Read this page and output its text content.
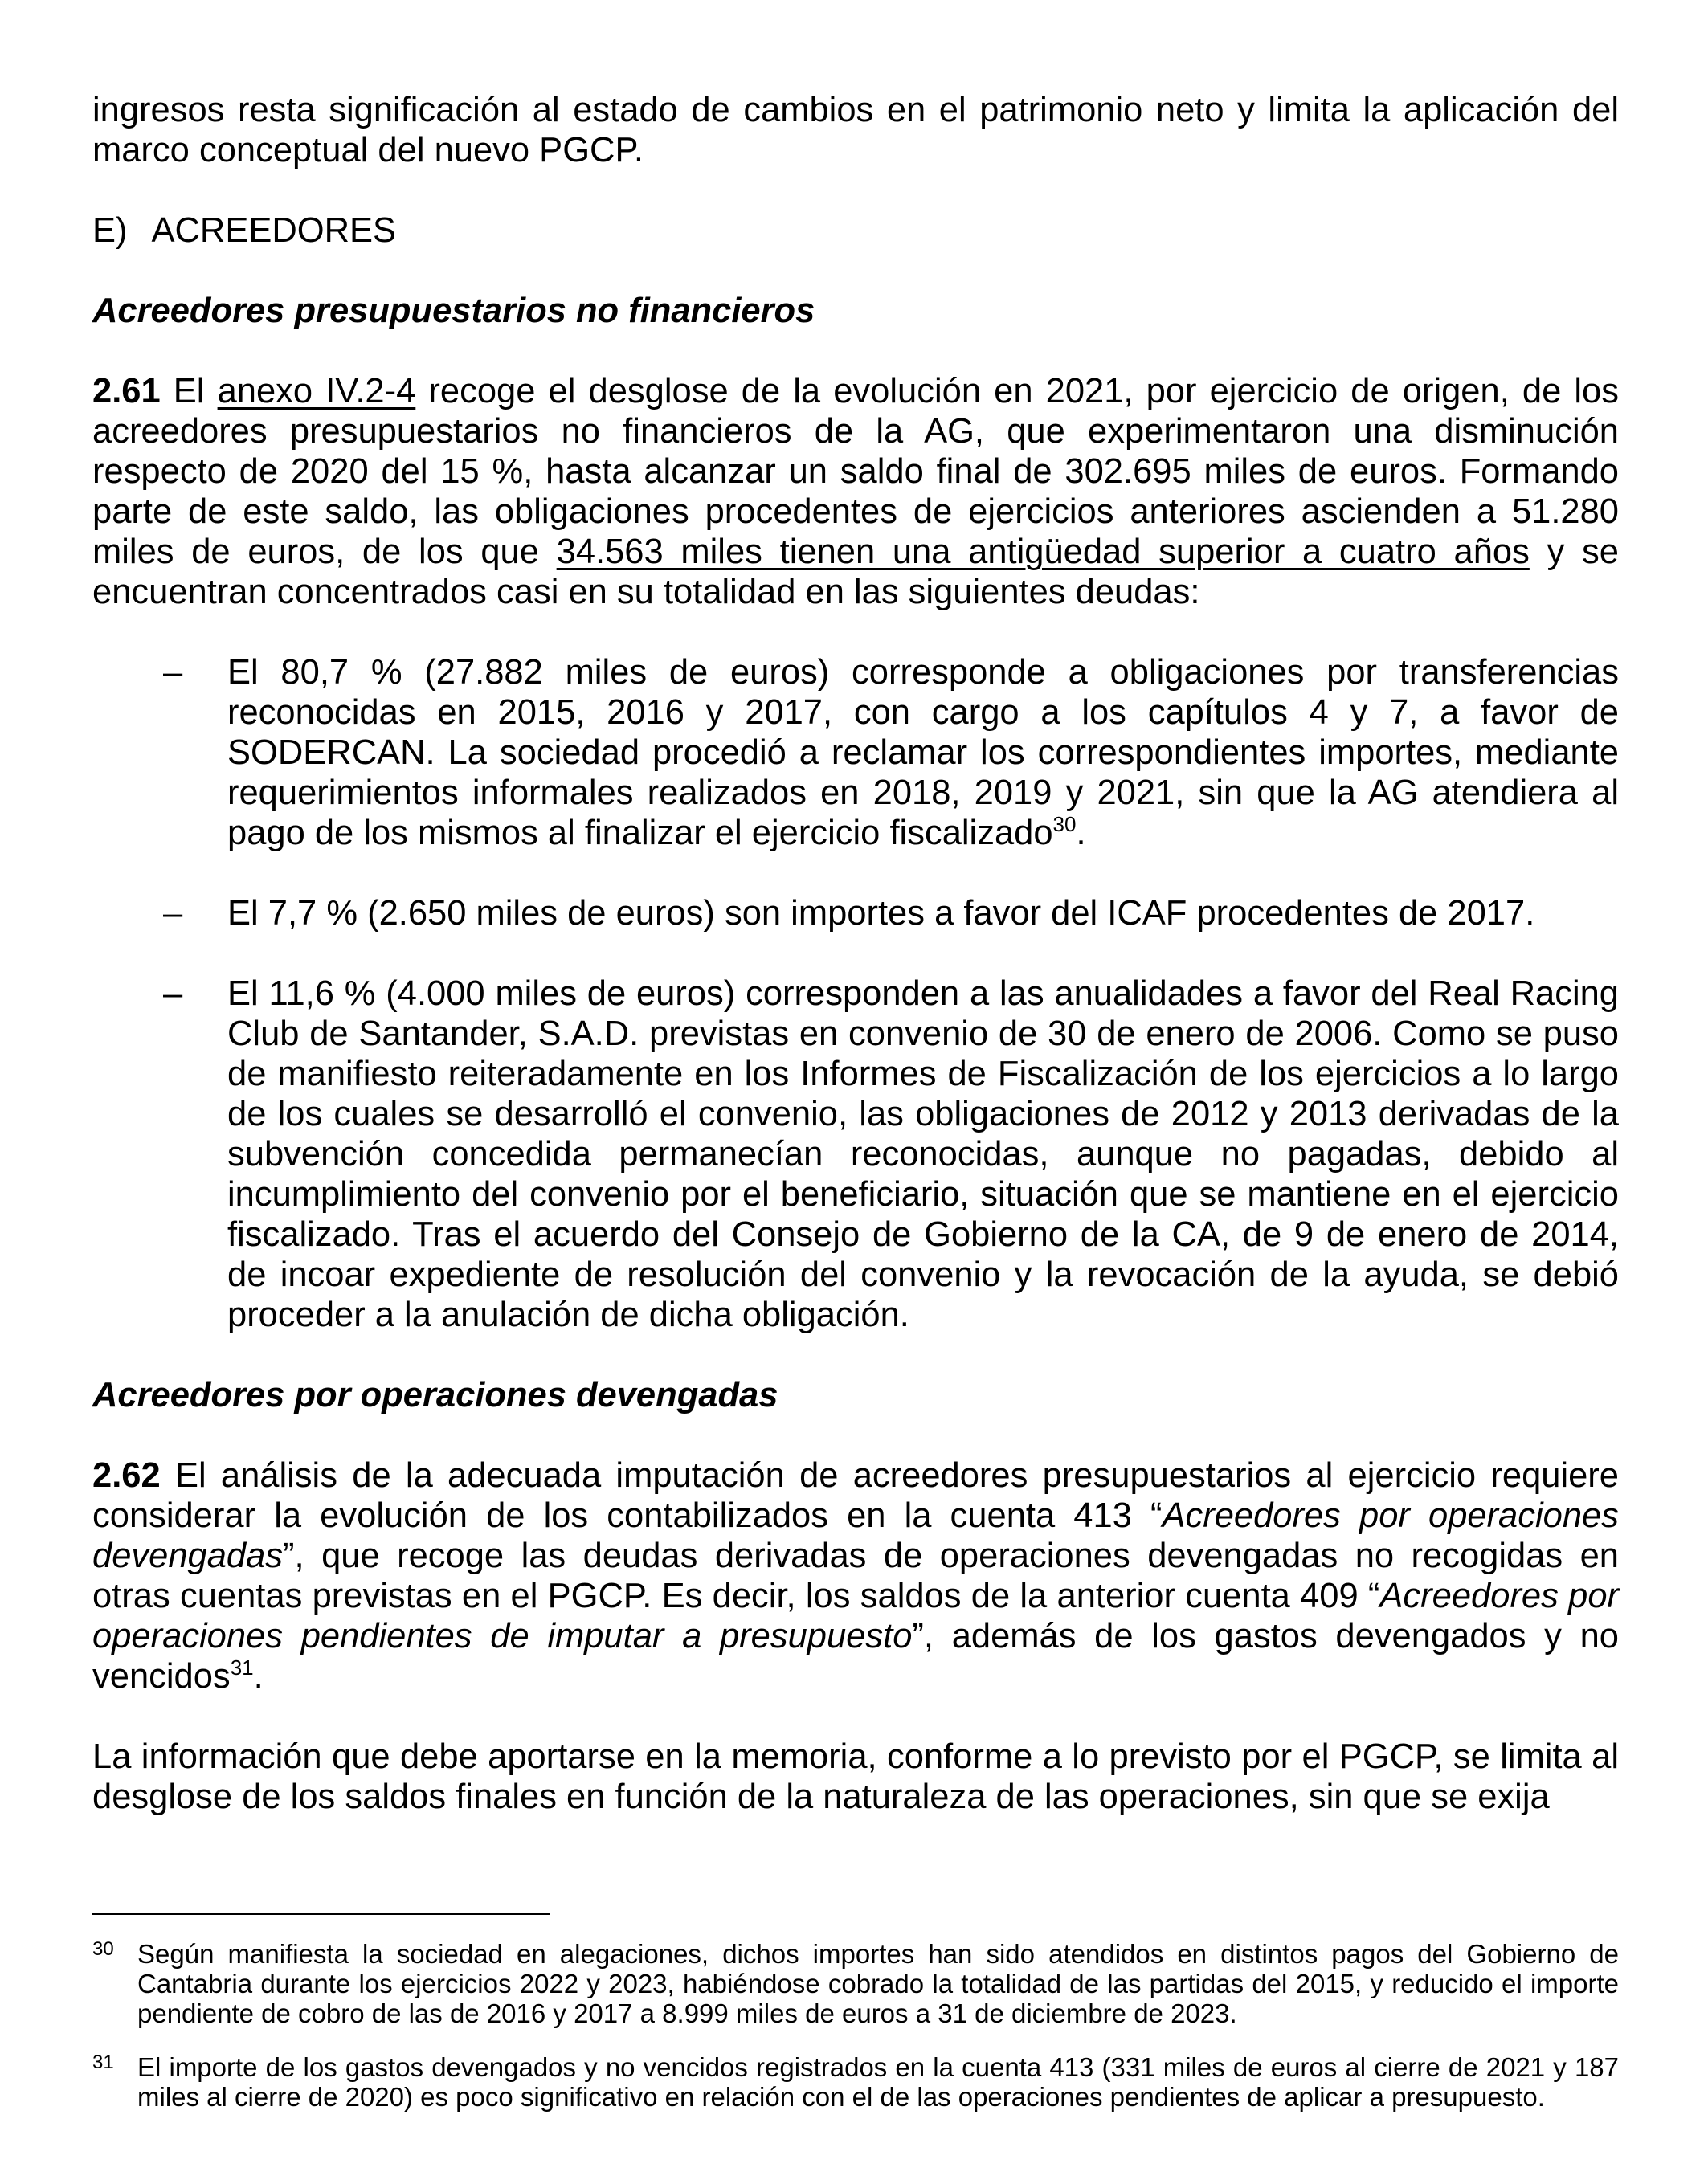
ingresos resta significación al estado de cambios en el patrimonio neto y limita la aplicación del marco conceptual del nuevo PGCP.

E) ACREEDORES
Acreedores presupuestarios no financieros

2.61 El anexo IV.2-4 recoge el desglose de la evolución en 2021, por ejercicio de origen, de los acreedores presupuestarios no financieros de la AG, que experimentaron una disminución respecto de 2020 del 15 %, hasta alcanzar un saldo final de 302.695 miles de euros. Formando parte de este saldo, las obligaciones procedentes de ejercicios anteriores ascienden a 51.280 miles de euros, de los que 34.563 miles tienen una antigüedad superior a cuatro años y se encuentran concentrados casi en su totalidad en las siguientes deudas:

– El 80,7 % (27.882 miles de euros) corresponde a obligaciones por transferencias reconocidas en 2015, 2016 y 2017, con cargo a los capítulos 4 y 7, a favor de SODERCAN. La sociedad procedió a reclamar los correspondientes importes, mediante requerimientos informales realizados en 2018, 2019 y 2021, sin que la AG atendiera al pago de los mismos al finalizar el ejercicio fiscalizado$^{30}$.

– El 7,7 % (2.650 miles de euros) son importes a favor del ICAF procedentes de 2017.

– El 11,6 % (4.000 miles de euros) corresponden a las anualidades a favor del Real Racing Club de Santander, S.A.D. previstas en convenio de 30 de enero de 2006. Como se puso de manifiesto reiteradamente en los Informes de Fiscalización de los ejercicios a lo largo de los cuales se desarrolló el convenio, las obligaciones de 2012 y 2013 derivadas de la subvención concedida permanecían reconocidas, aunque no pagadas, debido al incumplimiento del convenio por el beneficiario, situación que se mantiene en el ejercicio fiscalizado. Tras el acuerdo del Consejo de Gobierno de la CA, de 9 de enero de 2014, de incoar expediente de resolución del convenio y la revocación de la ayuda, se debió proceder a la anulación de dicha obligación.

Acreedores por operaciones devengadas

2.62 El análisis de la adecuada imputación de acreedores presupuestarios al ejercicio requiere considerar la evolución de los contabilizados en la cuenta 413 “Acreedores por operaciones devengadas”, que recoge las deudas derivadas de operaciones devengadas no recogidas en otras cuentas previstas en el PGCP. Es decir, los saldos de la anterior cuenta 409 “Acreedores por operaciones pendientes de imputar a presupuesto”, además de los gastos devengados y no vencidos$^{31}$.

La información que debe aportarse en la memoria, conforme a lo previsto por el PGCP, se limita al desglose de los saldos finales en función de la naturaleza de las operaciones, sin que se exija

30 Según manifiesta la sociedad en alegaciones, dichos importes han sido atendidos en distintos pagos del Gobierno de Cantabria durante los ejercicios 2022 y 2023, habiéndose cobrado la totalidad de las partidas del 2015, y reducido el importe pendiente de cobro de las de 2016 y 2017 a 8.999 miles de euros a 31 de diciembre de 2023.
31 El importe de los gastos devengados y no vencidos registrados en la cuenta 413 (331 miles de euros al cierre de 2021 y 187 miles al cierre de 2020) es poco significativo en relación con el de las operaciones pendientes de aplicar a presupuesto.
